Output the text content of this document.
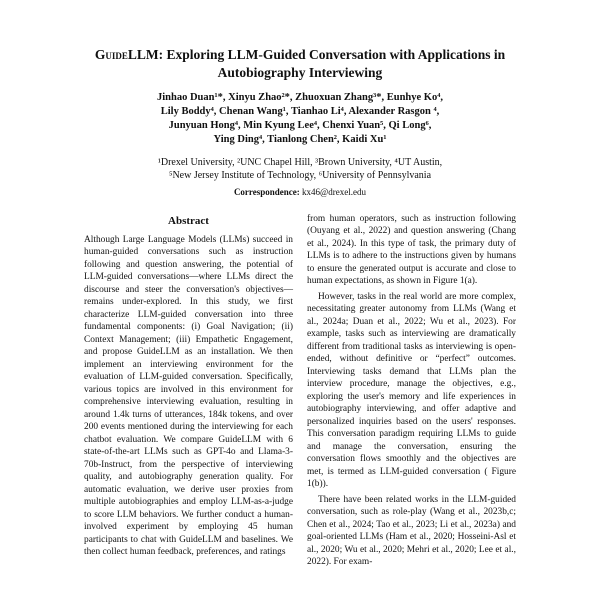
GuideLLM: Exploring LLM-Guided Conversation with Applications in Autobiography Interviewing
Jinhao Duan¹*, Xinyu Zhao²*, Zhuoxuan Zhang³*, Eunhye Ko⁴,
Lily Boddy⁴, Chenan Wang¹, Tianhao Li⁴, Alexander Rasgon ⁴,
Junyuan Hong⁴, Min Kyung Lee⁴, Chenxi Yuan⁵, Qi Long⁶,
Ying Ding⁴, Tianlong Chen², Kaidi Xu¹
¹Drexel University, ²UNC Chapel Hill, ³Brown University, ⁴UT Austin,
⁵New Jersey Institute of Technology, ⁶University of Pennsylvania
Correspondence: kx46@drexel.edu
Abstract

Although Large Language Models (LLMs) succeed in human-guided conversations such as instruction following and question answering, the potential of LLM-guided conversations—where LLMs direct the discourse and steer the conversation's objectives—remains under-explored. In this study, we first characterize LLM-guided conversation into three fundamental components: (i) Goal Navigation; (ii) Context Management; (iii) Empathetic Engagement, and propose GuideLLM as an installation. We then implement an interviewing environment for the evaluation of LLM-guided conversation. Specifically, various topics are involved in this environment for comprehensive interviewing evaluation, resulting in around 1.4k turns of utterances, 184k tokens, and over 200 events mentioned during the interviewing for each chatbot evaluation. We compare GuideLLM with 6 state-of-the-art LLMs such as GPT-4o and Llama-3-70b-Instruct, from the perspective of interviewing quality, and autobiography generation quality. For automatic evaluation, we derive user proxies from multiple autobiographies and employ LLM-as-a-judge to score LLM behaviors. We further conduct a human-involved experiment by employing 45 human participants to chat with GuideLLM and baselines. We then collect human feedback, preferences, and ratings

from human operators, such as instruction following (Ouyang et al., 2022) and question answering (Chang et al., 2024). In this type of task, the primary duty of LLMs is to adhere to the instructions given by humans to ensure the generated output is accurate and close to human expectations, as shown in Figure 1(a).

However, tasks in the real world are more complex, necessitating greater autonomy from LLMs (Wang et al., 2024a; Duan et al., 2022; Wu et al., 2023). For example, tasks such as interviewing are dramatically different from traditional tasks as interviewing is open-ended, without definitive or “perfect” outcomes. Interviewing tasks demand that LLMs plan the interview procedure, manage the objectives, e.g., exploring the user's memory and life experiences in autobiography interviewing, and offer adaptive and personalized inquiries based on the users' responses. This conversation paradigm requiring LLMs to guide and manage the conversation, ensuring the conversation flows smoothly and the objectives are met, is termed as LLM-guided conversation ( Figure 1(b)).

There have been related works in the LLM-guided conversation, such as role-play (Wang et al., 2023b,c; Chen et al., 2024; Tao et al., 2023; Li et al., 2023a) and goal-oriented LLMs (Ham et al., 2020; Hosseini-Asl et al., 2020; Wu et al., 2020; Mehri et al., 2020; Lee et al., 2022). For exam-
